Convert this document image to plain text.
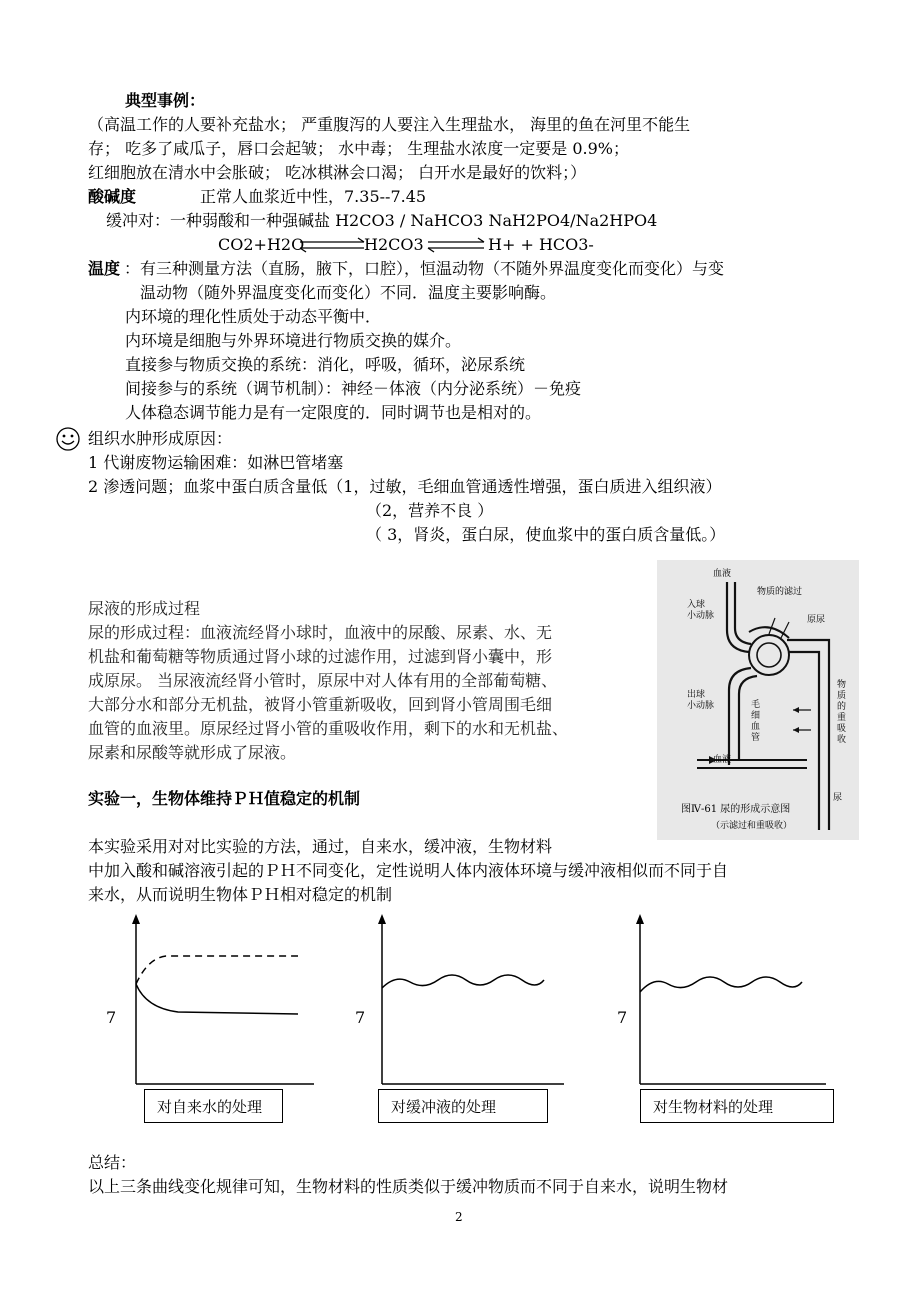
典型事例：
（高温工作的人要补充盐水； 严重腹泻的人要注入生理盐水， 海里的鱼在河里不能生
存； 吃多了咸瓜子，唇口会起皱； 水中毒； 生理盐水浓度一定要是 0.9%；
红细胞放在清水中会胀破； 吃冰棋淋会口渴； 白开水是最好的饮料；）
酸碱度	正常人血浆近中性，7.35--7.45
缓冲对：一种弱酸和一种强碱盐 H2CO3 / NaHCO3 NaH2PO4/Na2HPO4
CO2+H2O	H2CO3 ⇌ H+ + HCO3-
温度 ：有三种测量方法（直肠，腋下，口腔），恒温动物（不随外界温度变化而变化）与变
温动物（随外界温度变化而变化）不同．温度主要影响酶。
内环境的理化性质处于动态平衡中．
内环境是细胞与外界环境进行物质交换的媒介。
直接参与物质交换的系统：消化，呼吸，循环，泌尿系统
间接参与的系统（调节机制）：神经－体液（内分泌系统）－免疫
人体稳态调节能力是有一定限度的．同时调节也是相对的。
组织水肿形成原因：
1 代谢废物运输困难：如淋巴管堵塞
2 渗透问题；血浆中蛋白质含量低（1，过敏，毛细血管通透性增强，蛋白质进入组织液）
（2，营养不良 ）
（ 3，肾炎，蛋白尿，使血浆中的蛋白质含量低。）
尿液的形成过程
尿的形成过程：血液流经肾小球时，血液中的尿酸、尿素、水、无
机盐和葡萄糖等物质通过肾小球的过滤作用，过滤到肾小囊中，形
成原尿。 当尿液流经肾小管时，原尿中对人体有用的全部葡萄糖、
大部分水和部分无机盐，被肾小管重新吸收，回到肾小管周围毛细
血管的血液里。原尿经过肾小管的重吸收作用，剩下的水和无机盐、
尿素和尿酸等就形成了尿液。
血液
物质的滤过
入球
小动脉	原尿
出球
小动脉
物质的重吸收
毛细血管
血液
尿
图Ⅳ-61 尿的形成示意图
（示滤过和重吸收）
实验一，生物体维持ＰＨ值稳定的机制
本实验采用对对比实验的方法，通过，自来水，缓冲液，生物材料
中加入酸和碱溶液引起的ＰＨ不同变化，定性说明人体内液体环境与缓冲液相似而不同于自
来水，从而说明生物体ＰＨ相对稳定的机制
7
对自来水的处理
7
对缓冲液的处理
7
对生物材料的处理
总结：
以上三条曲线变化规律可知，生物材料的性质类似于缓冲物质而不同于自来水，说明生物材
2
